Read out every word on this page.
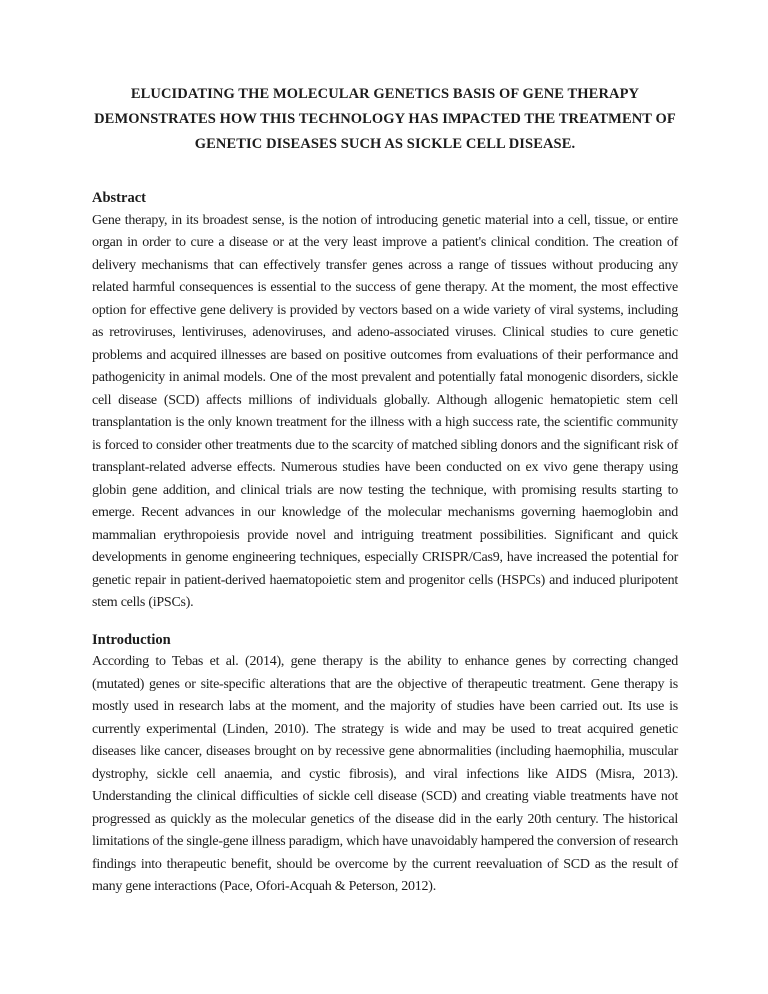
ELUCIDATING THE MOLECULAR GENETICS BASIS OF GENE THERAPY DEMONSTRATES HOW THIS TECHNOLOGY HAS IMPACTED THE TREATMENT OF GENETIC DISEASES SUCH AS SICKLE CELL DISEASE.
Abstract

Gene therapy, in its broadest sense, is the notion of introducing genetic material into a cell, tissue, or entire organ in order to cure a disease or at the very least improve a patient's clinical condition. The creation of delivery mechanisms that can effectively transfer genes across a range of tissues without producing any related harmful consequences is essential to the success of gene therapy. At the moment, the most effective option for effective gene delivery is provided by vectors based on a wide variety of viral systems, including as retroviruses, lentiviruses, adenoviruses, and adeno-associated viruses. Clinical studies to cure genetic problems and acquired illnesses are based on positive outcomes from evaluations of their performance and pathogenicity in animal models. One of the most prevalent and potentially fatal monogenic disorders, sickle cell disease (SCD) affects millions of individuals globally. Although allogenic hematopietic stem cell transplantation is the only known treatment for the illness with a high success rate, the scientific community is forced to consider other treatments due to the scarcity of matched sibling donors and the significant risk of transplant-related adverse effects. Numerous studies have been conducted on ex vivo gene therapy using globin gene addition, and clinical trials are now testing the technique, with promising results starting to emerge. Recent advances in our knowledge of the molecular mechanisms governing haemoglobin and mammalian erythropoiesis provide novel and intriguing treatment possibilities. Significant and quick developments in genome engineering techniques, especially CRISPR/Cas9, have increased the potential for genetic repair in patient-derived haematopoietic stem and progenitor cells (HSPCs) and induced pluripotent stem cells (iPSCs).

Introduction

According to Tebas et al. (2014), gene therapy is the ability to enhance genes by correcting changed (mutated) genes or site-specific alterations that are the objective of therapeutic treatment. Gene therapy is mostly used in research labs at the moment, and the majority of studies have been carried out. Its use is currently experimental (Linden, 2010). The strategy is wide and may be used to treat acquired genetic diseases like cancer, diseases brought on by recessive gene abnormalities (including haemophilia, muscular dystrophy, sickle cell anaemia, and cystic fibrosis), and viral infections like AIDS (Misra, 2013). Understanding the clinical difficulties of sickle cell disease (SCD) and creating viable treatments have not progressed as quickly as the molecular genetics of the disease did in the early 20th century. The historical limitations of the single-gene illness paradigm, which have unavoidably hampered the conversion of research findings into therapeutic benefit, should be overcome by the current reevaluation of SCD as the result of many gene interactions (Pace, Ofori-Acquah & Peterson, 2012).
